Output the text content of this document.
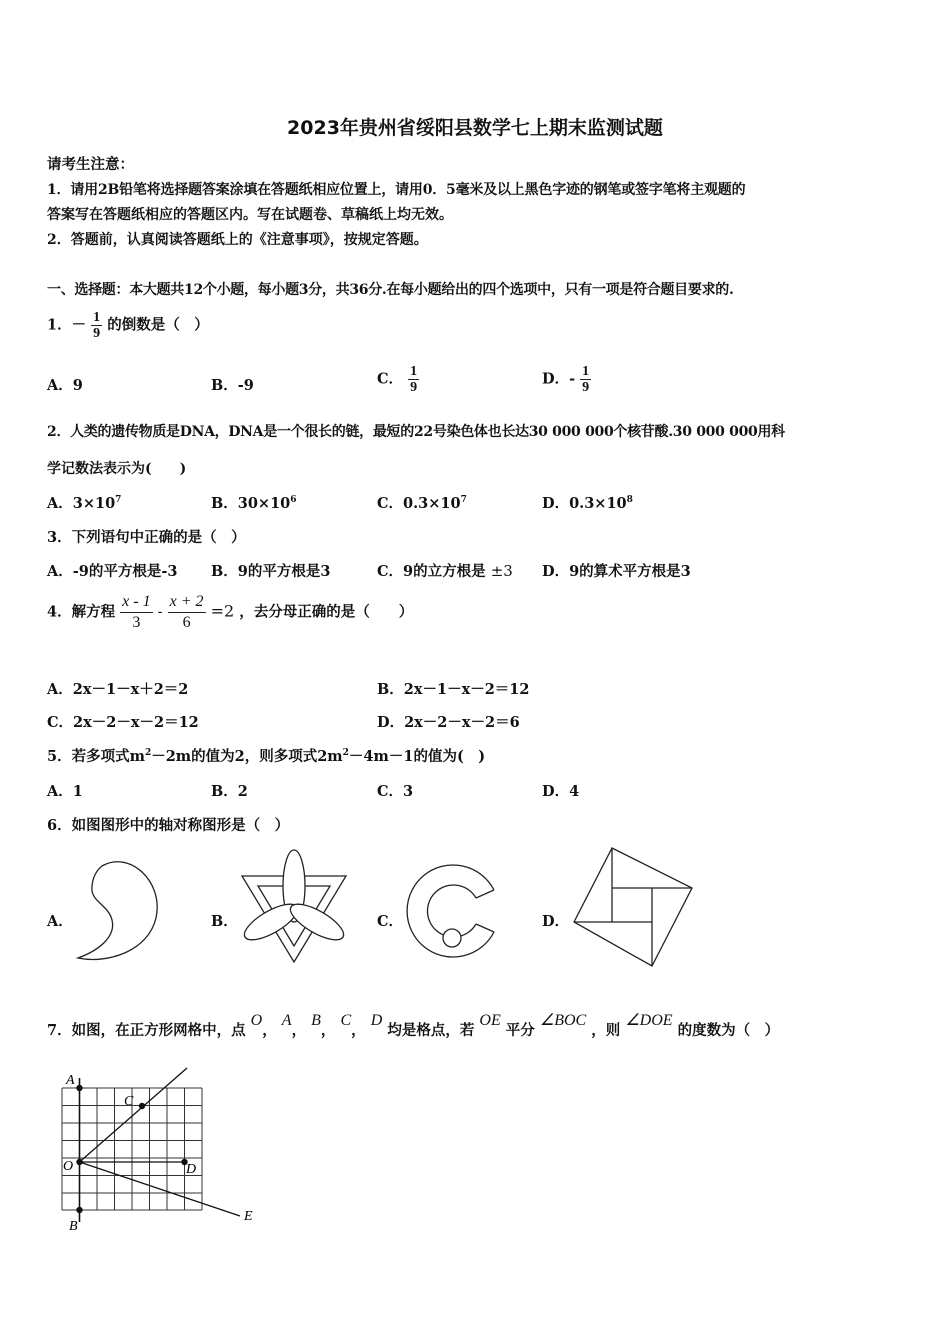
2023年贵州省绥阳县数学七上期末监测试题
请考生注意：
1．请用2B铅笔将选择题答案涂填在答题纸相应位置上，请用0．5毫米及以上黑色字迹的钢笔或签字笔将主观题的
答案写在答题纸相应的答题区内。写在试题卷、草稿纸上均无效。
2．答题前，认真阅读答题纸上的《注意事项》，按规定答题。
一、选择题：本大题共12个小题，每小题3分，共36分.在每小题给出的四个选项中，只有一项是符合题目要求的.
1．－ $\frac{1}{9}$ 的倒数是（　）
A．9	B．-9	C． $\frac{1}{9}$	D．- $\frac{1}{9}$
2．人类的遗传物质是DNA，DNA是一个很长的链，最短的22号染色体也长达30 000 000个核苷酸.30 000 000用科
学记数法表示为(　　)
A．$3\times 10^7$	B．$30\times 10^6$	C．$0.3\times 10^7$	D．$0.3\times 10^8$
3．下列语句中正确的是（　）
A．-9的平方根是-3 B．9的平方根是3	C．9的立方根是 ±3 D．9的算术平方根是3
4．解方程 $\frac{x - 1}{3} - \frac{x + 2}{6} =2$ ，去分母正确的是（　　）
A．2x－1－x＋2＝2	B．2x－1－x－2＝12
C．2x－2－x－2＝12	D．2x－2－x－2＝6
5．若多项式$m^2-2m$的值为2，则多项式$2m^2-4m-1$的值为(　)
A．1	B．2	C．3	D．4
6．如图图形中的轴对称图形是（　）
A．	B．	C．	D．
7．如图，在正方形网格中，点 O， A， B， C， D 均是格点，若 OE 平分 ∠BOC ，则 ∠DOE 的度数为（　）
A
C
O	D
B
E
